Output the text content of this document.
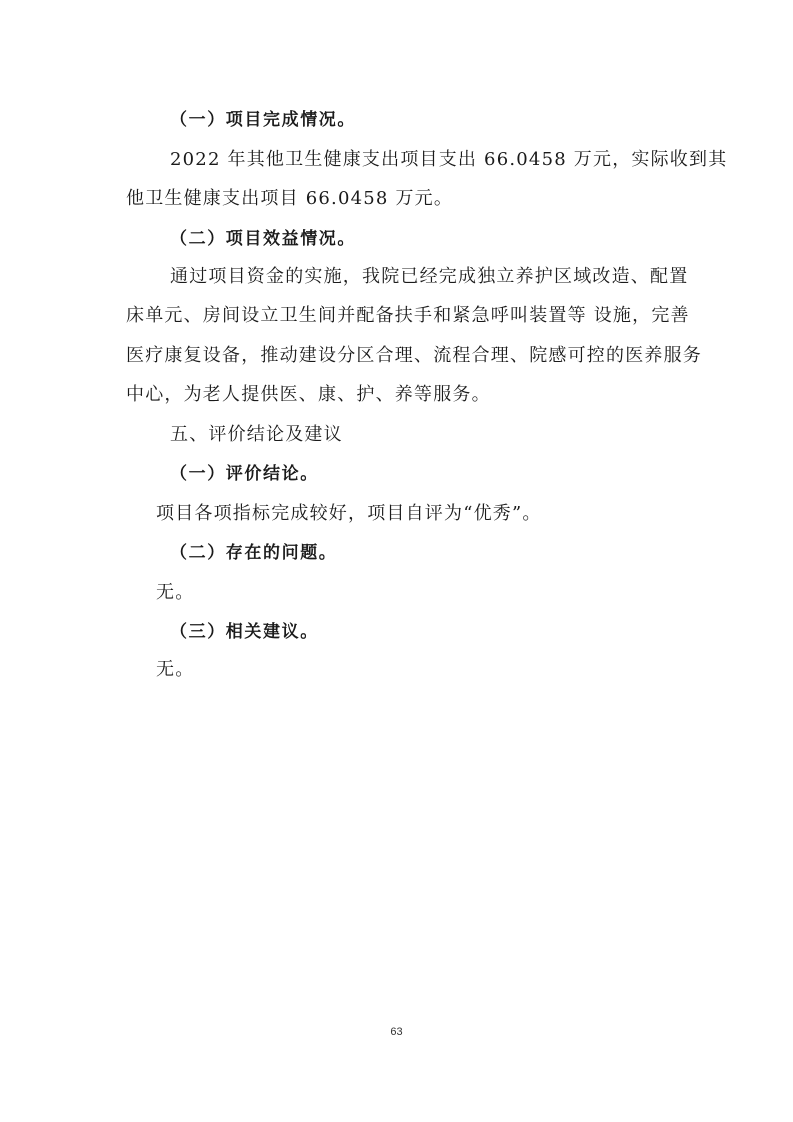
（一）项目完成情况。
2022 年其他卫生健康支出项目支出 66.0458 万元，实际收到其
他卫生健康支出项目 66.0458 万元。
（二）项目效益情况。
通过项目资金的实施，我院已经完成独立养护区域改造、配置
床单元、房间设立卫生间并配备扶手和紧急呼叫装置等 设施，完善
医疗康复设备，推动建设分区合理、流程合理、院感可控的医养服务
中心，为老人提供医、康、护、养等服务。
五、评价结论及建议
（一）评价结论。
项目各项指标完成较好，项目自评为“优秀”。
（二）存在的问题。
无。
（三）相关建议。
无。
63
